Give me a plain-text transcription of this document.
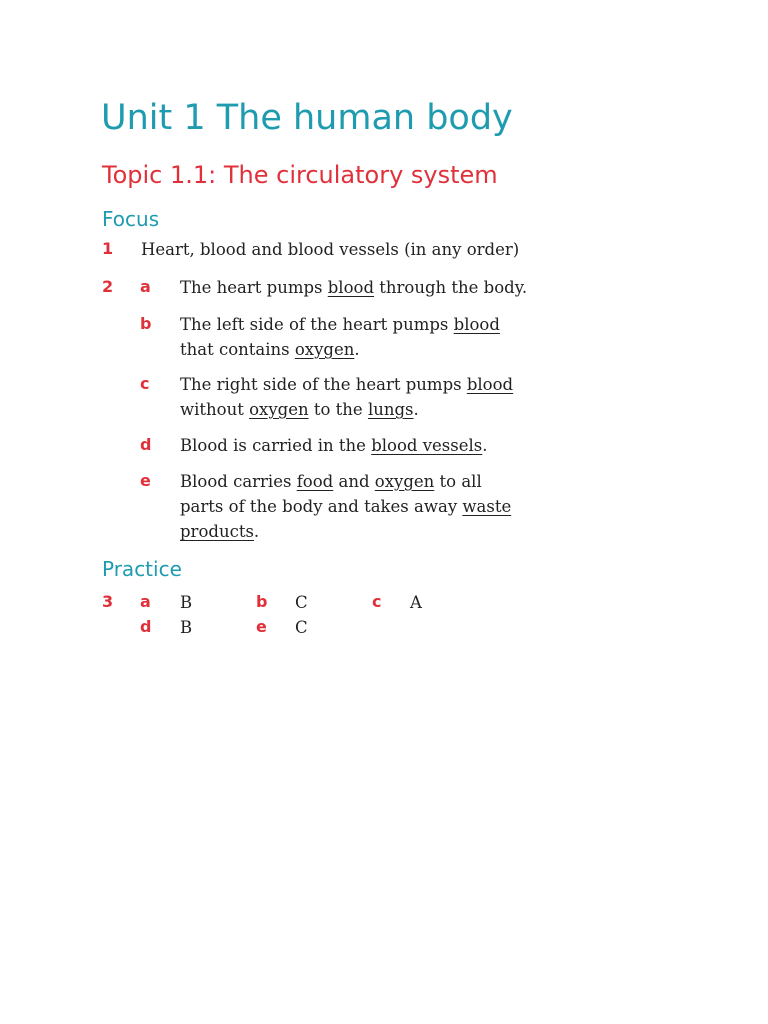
Unit 1 The human body
Topic 1.1: The circulatory system
Focus
1 Heart, blood and blood vessels (in any order)
2 a The heart pumps blood through the body.
b The left side of the heart pumps blood
that contains oxygen.
c The right side of the heart pumps blood
without oxygen to the lungs.
d Blood is carried in the blood vessels.
e Blood carries food and oxygen to all
parts of the body and takes away waste
products.
Practice
3 a B	b C	c A
d B	e C
